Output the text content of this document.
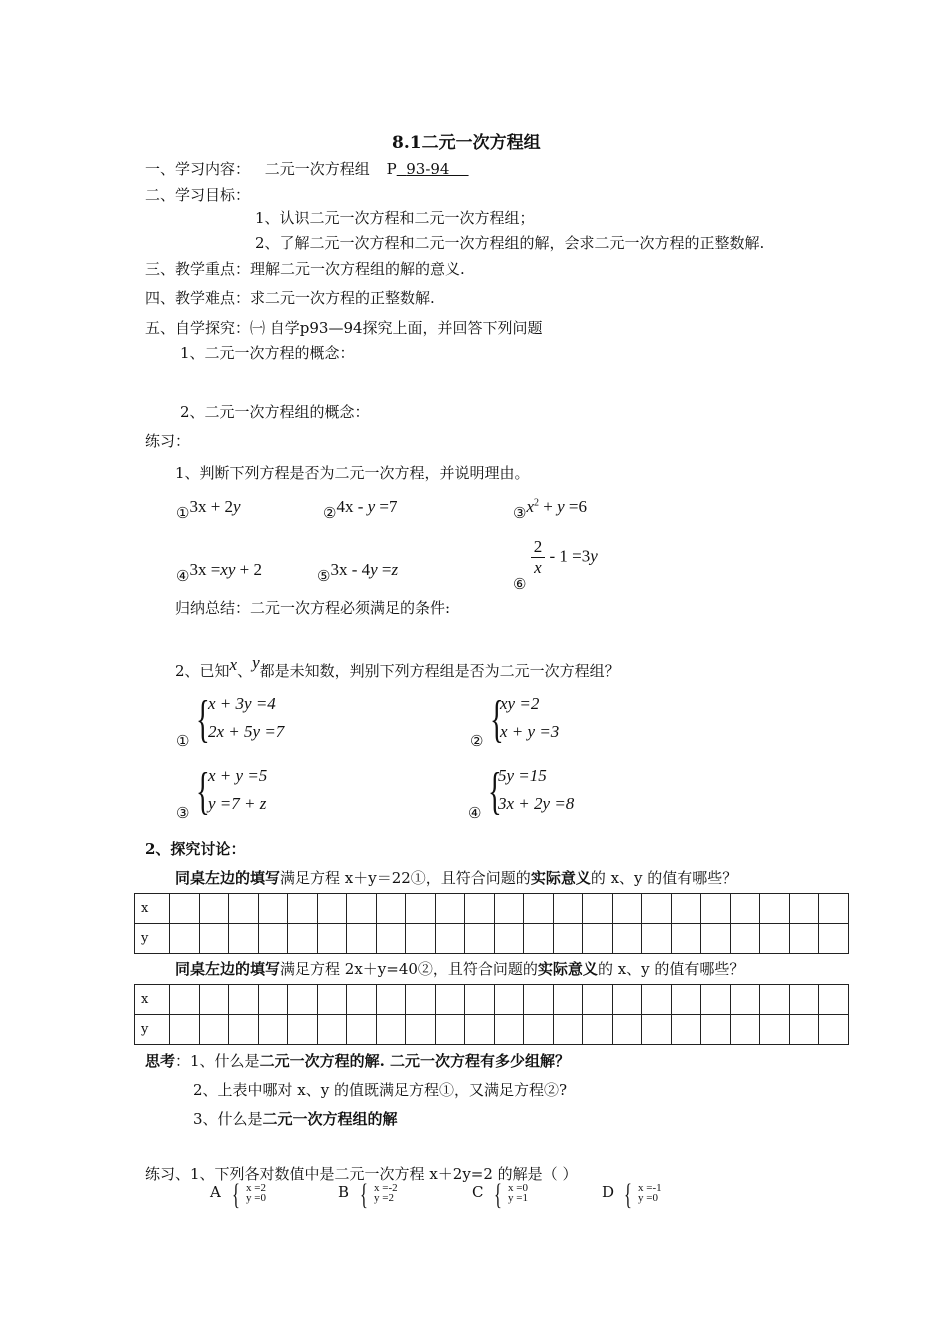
8.1二元一次方程组
一、学习内容： 二元一次方程组 P 93-94
二、学习目标：
1、认识二元一次方程和二元一次方程组；
2、了解二元一次方程和二元一次方程组的解，会求二元一次方程的正整数解.
三、教学重点：理解二元一次方程组的解的意义.
四、教学难点：求二元一次方程的正整数解.
五、自学探究：㈠ 自学p93—94探究上面，并回答下列问题
1、二元一次方程的概念：
2、二元一次方程组的概念：
练习：
1、判断下列方程是否为二元一次方程，并说明理由。
①3x + 2y	②4x - y =7	$③x^2 + y =6$
④3x =xy + 2	⑤3x - 4y =z
⑥
$\frac{2}{x} - 1 =3y$
归纳总结：二元一次方程必须满足的条件:
2、已知x、y都是未知数，判别下列方程组是否为二元一次方程组？
① {
x + 3y =4
2x + 5y =7
② {
xy =2
x + y =3
③ {
x + y =5
y =7 + z
④ {
5y =15
3x + 2y =8
2、探究讨论：
同桌左边的填写满足方程 x＋y＝22①，且符合问题的实际意义的 x、y 的值有哪些？
x																							
y																							
同桌左边的填写满足方程 2x＋y=40②，且符合问题的实际意义的 x、y 的值有哪些？
x																							
y																							
思考：1、什么是二元一次方程的解. 二元一次方程有多少组解？
2、上表中哪对 x、y 的值既满足方程①，又满足方程②?
3、什么是二元一次方程组的解
练习、1、下列各对数值中是二元一次方程 x＋2y=2 的解是（ ）
A { x =2
y =0	B { x =-2
y =2	C { x =0
y =1	D { x =-1
y =0
